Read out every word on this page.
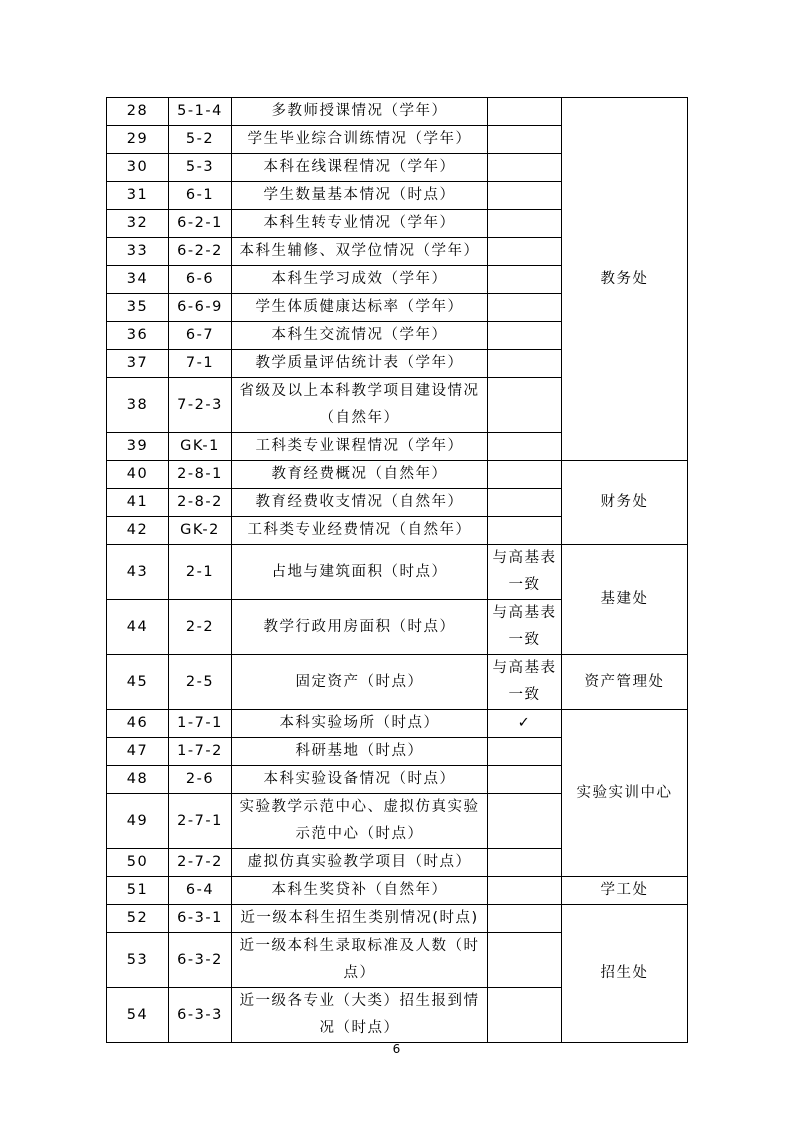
28	5-1-4	多教师授课情况（学年）		教务处
29	5-2	学生毕业综合训练情况（学年）		
30	5-3	本科在线课程情况（学年）		
31	6-1	学生数量基本情况（时点）		
32	6-2-1	本科生转专业情况（学年）		
33	6-2-2	本科生辅修、双学位情况（学年）		
34	6-6	本科生学习成效（学年）		
35	6-6-9	学生体质健康达标率（学年）		
36	6-7	本科生交流情况（学年）		
37	7-1	教学质量评估统计表（学年）		
38	7-2-3	省级及以上本科教学项目建设情况（自然年）		
39	GK-1	工科类专业课程情况（学年）		
40	2-8-1	教育经费概况（自然年）		财务处
41	2-8-2	教育经费收支情况（自然年）		
42	GK-2	工科类专业经费情况（自然年）		
43	2-1	占地与建筑面积（时点）	与高基表一致	基建处
44	2-2	教学行政用房面积（时点）	与高基表一致	
45	2-5	固定资产（时点）	与高基表一致	资产管理处
46	1-7-1	本科实验场所（时点）	✓	实验实训中心
47	1-7-2	科研基地（时点）		
48	2-6	本科实验设备情况（时点）		
49	2-7-1	实验教学示范中心、虚拟仿真实验示范中心（时点）		
50	2-7-2	虚拟仿真实验教学项目（时点）		
51	6-4	本科生奖贷补（自然年）		学工处
52	6-3-1	近一级本科生招生类别情况(时点)		招生处
53	6-3-2	近一级本科生录取标准及人数（时点）		
54	6-3-3	近一级各专业（大类）招生报到情况（时点）		
6
